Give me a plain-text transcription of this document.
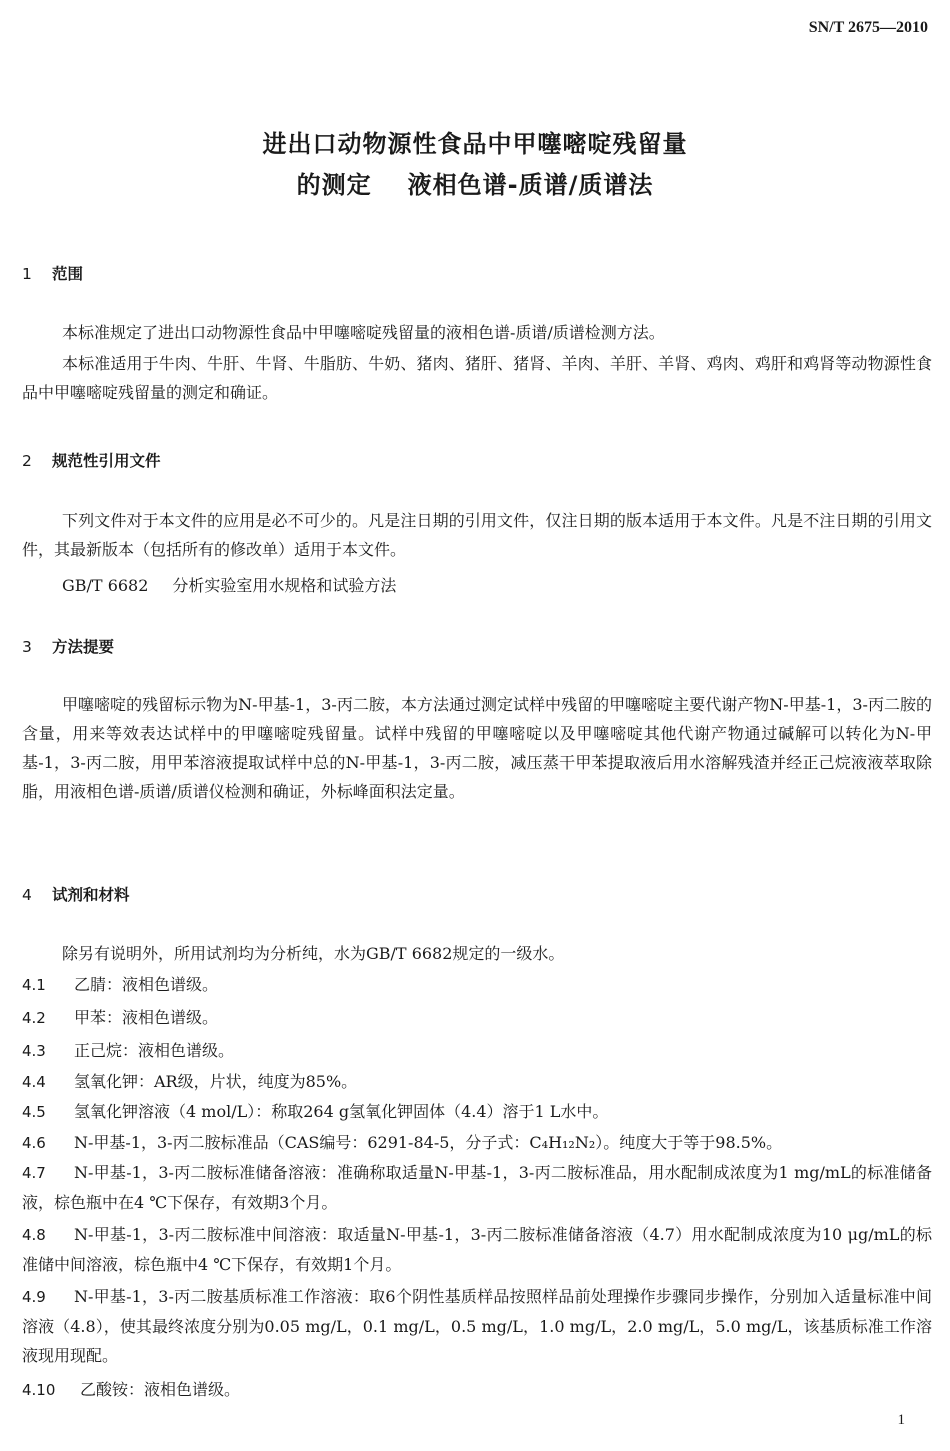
SN/T 2675—2010
进出口动物源性食品中甲噻嘧啶残留量
的测定 液相色谱-质谱/质谱法
1 范围

本标准规定了进出口动物源性食品中甲噻嘧啶残留量的液相色谱-质谱/质谱检测方法。

本标准适用于牛肉、牛肝、牛肾、牛脂肪、牛奶、猪肉、猪肝、猪肾、羊肉、羊肝、羊肾、鸡肉、鸡肝和鸡肾等动物源性食品中甲噻嘧啶残留量的测定和确证。

2 规范性引用文件

下列文件对于本文件的应用是必不可少的。凡是注日期的引用文件，仅注日期的版本适用于本文件。凡是不注日期的引用文件，其最新版本（包括所有的修改单）适用于本文件。

GB/T 6682 分析实验室用水规格和试验方法
3 方法提要

甲噻嘧啶的残留标示物为N-甲基-1，3-丙二胺，本方法通过测定试样中残留的甲噻嘧啶主要代谢产物N-甲基-1，3-丙二胺的含量，用来等效表达试样中的甲噻嘧啶残留量。试样中残留的甲噻嘧啶以及甲噻嘧啶其他代谢产物通过碱解可以转化为N-甲基-1，3-丙二胺，用甲苯溶液提取试样中总的N-甲基-1，3-丙二胺，减压蒸干甲苯提取液后用水溶解残渣并经正己烷液液萃取除脂，用液相色谱-质谱/质谱仪检测和确证，外标峰面积法定量。

4 试剂和材料

除另有说明外，所用试剂均为分析纯，水为GB/T 6682规定的一级水。

4.1 乙腈：液相色谱级。

4.2 甲苯：液相色谱级。

4.3 正己烷：液相色谱级。

4.4 氢氧化钾：AR级，片状，纯度为85%。

4.5 氢氧化钾溶液（4 mol/L）：称取264 g氢氧化钾固体（4.4）溶于1 L水中。

4.6 N-甲基-1，3-丙二胺标准品（CAS编号：6291-84-5，分子式：C₄H₁₂N₂）。纯度大于等于98.5%。

4.7 N-甲基-1，3-丙二胺标准储备溶液：准确称取适量N-甲基-1，3-丙二胺标准品，用水配制成浓度为1 mg/mL的标准储备液，棕色瓶中在4 ℃下保存，有效期3个月。

4.8 N-甲基-1，3-丙二胺标准中间溶液：取适量N-甲基-1，3-丙二胺标准储备溶液（4.7）用水配制成浓度为10 μg/mL的标准储中间溶液，棕色瓶中4 ℃下保存，有效期1个月。

4.9 N-甲基-1，3-丙二胺基质标准工作溶液：取6个阴性基质样品按照样品前处理操作步骤同步操作，分别加入适量标准中间溶液（4.8），使其最终浓度分别为0.05 mg/L，0.1 mg/L，0.5 mg/L，1.0 mg/L，2.0 mg/L，5.0 mg/L，该基质标准工作溶液现用现配。

4.10 乙酸铵：液相色谱级。

1
